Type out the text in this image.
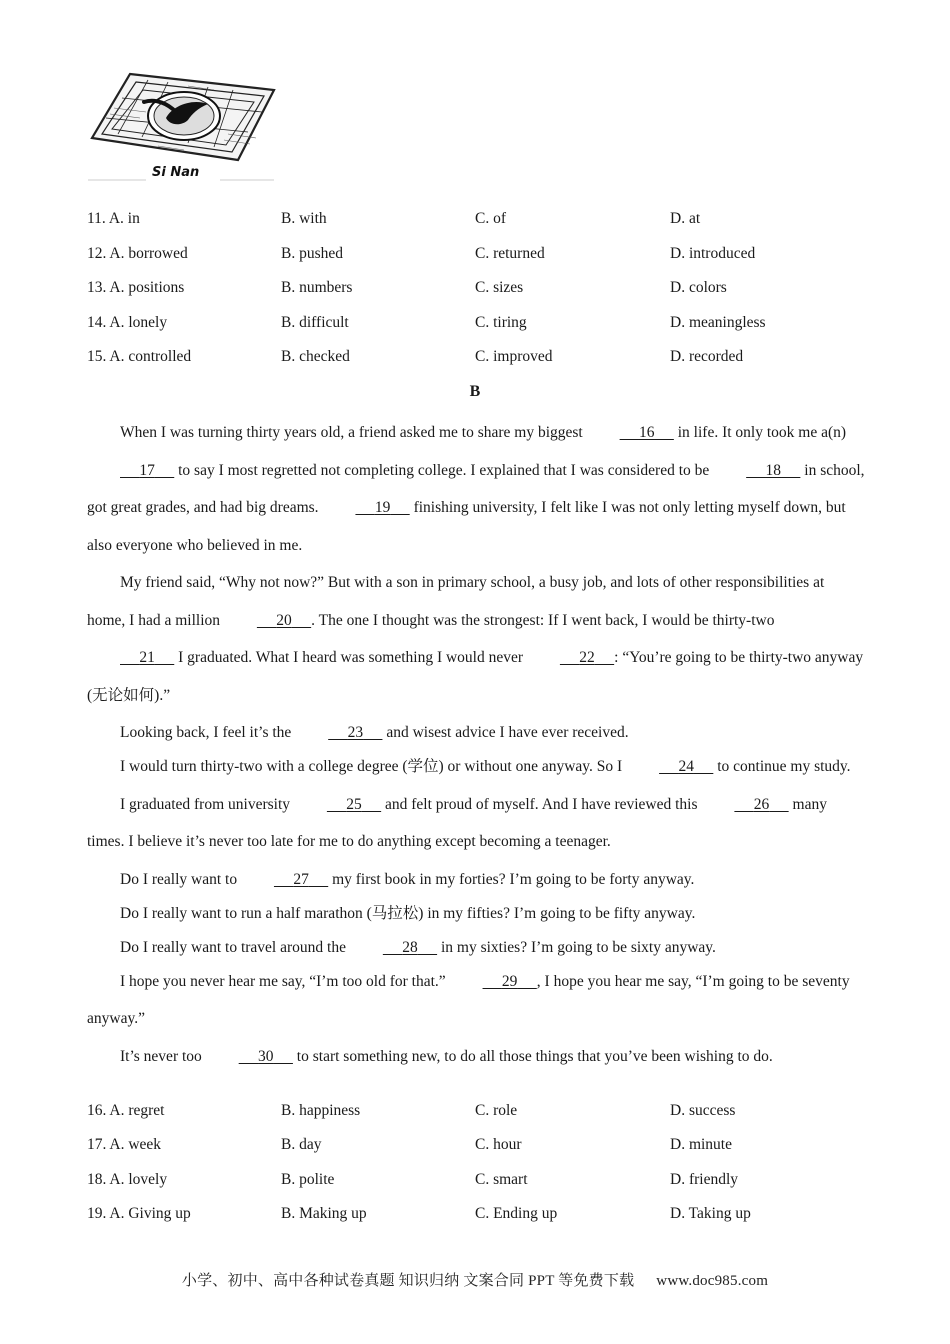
Si Nan
11. A. in	B. with	C. of	D. at
12. A. borrowed	B. pushed	C. returned	D. introduced
13. A. positions	B. numbers	C. sizes	D. colors
14. A. lonely	B. difficult	C. tiring	D. meaningless
15. A. controlled	B. checked	C. improved	D. recorded
B

When I was turning thirty years old, a friend asked me to share my biggest	16      in life. It only took me a(n)      17      to say I most regretted not completing college. I explained that I was considered to be	18      in school, got great grades, and had big dreams.	19      finishing university, I felt like I was not only letting myself down, but also everyone who believed in me.

My friend said, “Why not now?” But with a son in primary school, a busy job, and lots of other responsibilities at home, I had a million	20 . The one I thought was the strongest: If I went back, I would be thirty-two      21      I graduated. What I heard was something I would never	22 : “You’re going to be thirty-two anyway (无论如何).”

Looking back, I feel it’s the	23      and wisest advice I have ever received.

I would turn thirty-two with a college degree (学位) or without one anyway. So I	24      to continue my study.

I graduated from university	25      and felt proud of myself. And I have reviewed this	26      many times. I believe it’s never too late for me to do anything except becoming a teenager.

Do I really want to	27      my first book in my forties? I’m going to be forty anyway.

Do I really want to run a half marathon (马拉松) in my fifties? I’m going to be fifty anyway.

Do I really want to travel around the	28      in my sixties? I’m going to be sixty anyway.

I hope you never hear me say, “I’m too old for that.”	29 , I hope you hear me say, “I’m going to be seventy anyway.”

It’s never too	30      to start something new, to do all those things that you’ve been wishing to do.

16. A. regret	B. happiness	C. role	D. success
17. A. week	B. day	C. hour	D. minute
18. A. lovely	B. polite	C. smart	D. friendly
19. A. Giving up	B. Making up	C. Ending up	D. Taking up
小学、初中、高中各种试卷真题 知识归纳 文案合同 PPT 等免费下载 www.doc985.com
